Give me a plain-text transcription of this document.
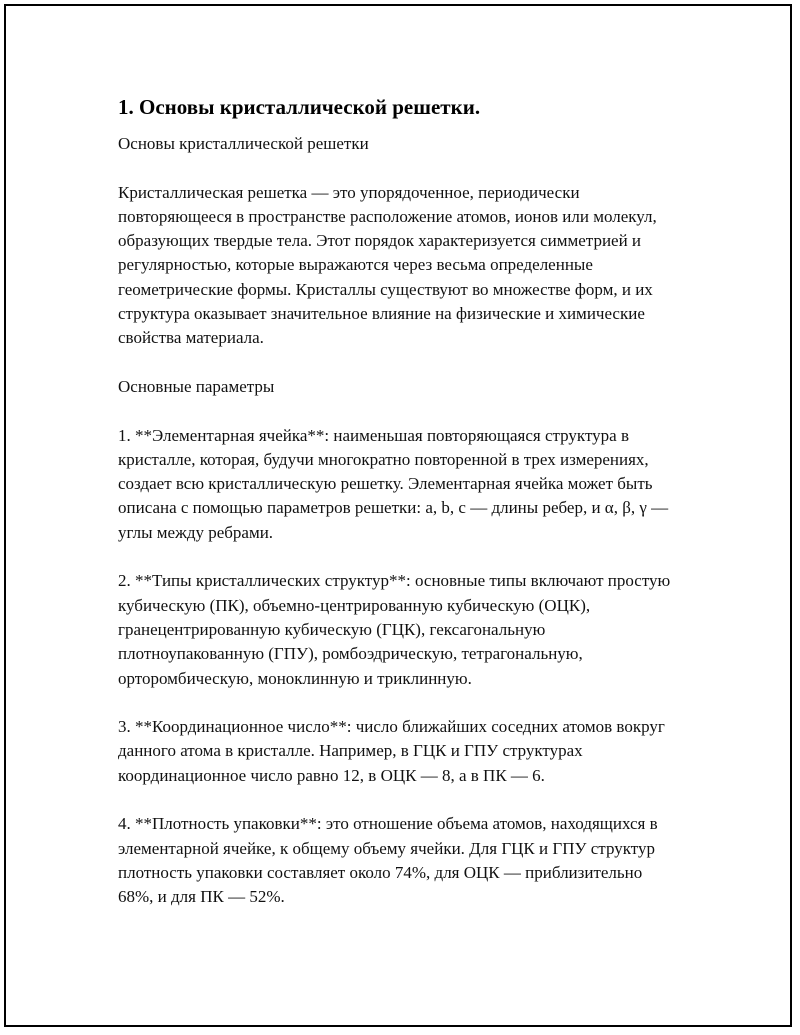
1. Основы кристаллической решетки.

Основы кристаллической решетки

Кристаллическая решетка — это упорядоченное, периодически повторяющееся в пространстве расположение атомов, ионов или молекул, образующих твердые тела. Этот порядок характеризуется симметрией и регулярностью, которые выражаются через весьма определенные геометрические формы. Кристаллы существуют во множестве форм, и их структура оказывает значительное влияние на физические и химические свойства материала.

Основные параметры

1. **Элементарная ячейка**: наименьшая повторяющаяся структура в кристалле, которая, будучи многократно повторенной в трех измерениях, создает всю кристаллическую решетку. Элементарная ячейка может быть описана с помощью параметров решетки: a, b, c — длины ребер, и α, β, γ — углы между ребрами.

2. **Типы кристаллических структур**: основные типы включают простую кубическую (ПК), объемно-центрированную кубическую (ОЦК), гранецентрированную кубическую (ГЦК), гексагональную плотноупакованную (ГПУ), ромбоэдрическую, тетрагональную, орторомбическую, моноклинную и триклинную.

3. **Координационное число**: число ближайших соседних атомов вокруг данного атома в кристалле. Например, в ГЦК и ГПУ структурах координационное число равно 12, в ОЦК — 8, а в ПК — 6.

4. **Плотность упаковки**: это отношение объема атомов, находящихся в элементарной ячейке, к общему объему ячейки. Для ГЦК и ГПУ структур плотность упаковки составляет около 74%, для ОЦК — приблизительно 68%, и для ПК — 52%.
